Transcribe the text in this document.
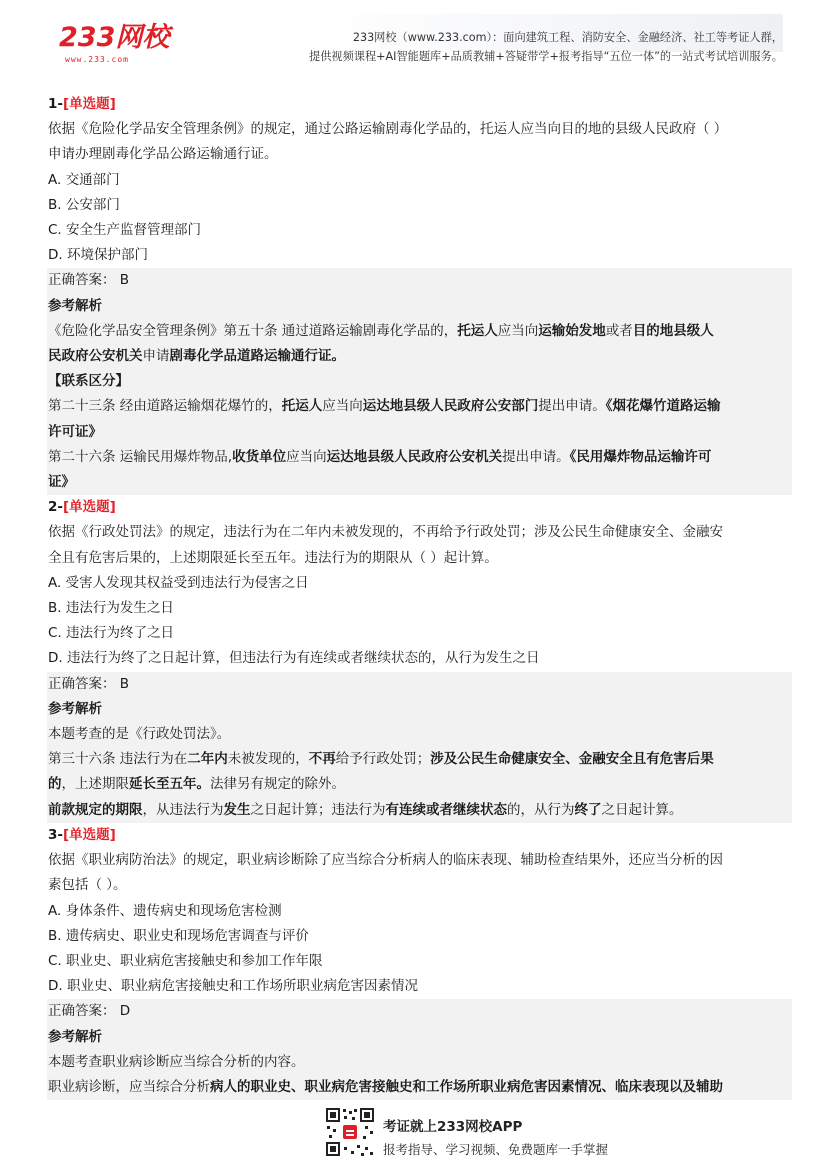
233网校
www.233.com
233网校（www.233.com）：面向建筑工程、消防安全、金融经济、社工等考证人群，
提供视频课程+AI智能题库+品质教辅+答疑带学+报考指导“五位一体”的一站式考试培训服务。
1-[单选题]
依据《危险化学品安全管理条例》的规定，通过公路运输剧毒化学品的，托运人应当向目的地的县级人民政府（ ）
申请办理剧毒化学品公路运输通行证。
A. 交通部门
B. 公安部门
C. 安全生产监督管理部门
D. 环境保护部门
正确答案： B
参考解析
《危险化学品安全管理条例》第五十条 通过道路运输剧毒化学品的，托运人应当向运输始发地或者目的地县级人
民政府公安机关申请剧毒化学品道路运输通行证。
【联系区分】
第二十三条 经由道路运输烟花爆竹的，托运人应当向运达地县级人民政府公安部门提出申请。《烟花爆竹道路运输
许可证》
第二十六条 运输民用爆炸物品,收货单位应当向运达地县级人民政府公安机关提出申请。《民用爆炸物品运输许可
证》
2-[单选题]
依据《行政处罚法》的规定，违法行为在二年内未被发现的，不再给予行政处罚；涉及公民生命健康安全、金融安
全且有危害后果的，上述期限延长至五年。违法行为的期限从（ ）起计算。
A. 受害人发现其权益受到违法行为侵害之日
B. 违法行为发生之日
C. 违法行为终了之日
D. 违法行为终了之日起计算，但违法行为有连续或者继续状态的，从行为发生之日
正确答案： B
参考解析
本题考查的是《行政处罚法》。
第三十六条 违法行为在二年内未被发现的，不再给予行政处罚；涉及公民生命健康安全、金融安全且有危害后果
的，上述期限延长至五年。法律另有规定的除外。
前款规定的期限，从违法行为发生之日起计算；违法行为有连续或者继续状态的，从行为终了之日起计算。
3-[单选题]
依据《职业病防治法》的规定，职业病诊断除了应当综合分析病人的临床表现、辅助检查结果外，还应当分析的因
素包括（ ）。
A. 身体条件、遗传病史和现场危害检测
B. 遗传病史、职业史和现场危害调查与评价
C. 职业史、职业病危害接触史和参加工作年限
D. 职业史、职业病危害接触史和工作场所职业病危害因素情况
正确答案： D
参考解析
本题考查职业病诊断应当综合分析的内容。
职业病诊断，应当综合分析病人的职业史、职业病危害接触史和工作场所职业病危害因素情况、临床表现以及辅助
考证就上233网校APP
报考指导、学习视频、免费题库一手掌握
